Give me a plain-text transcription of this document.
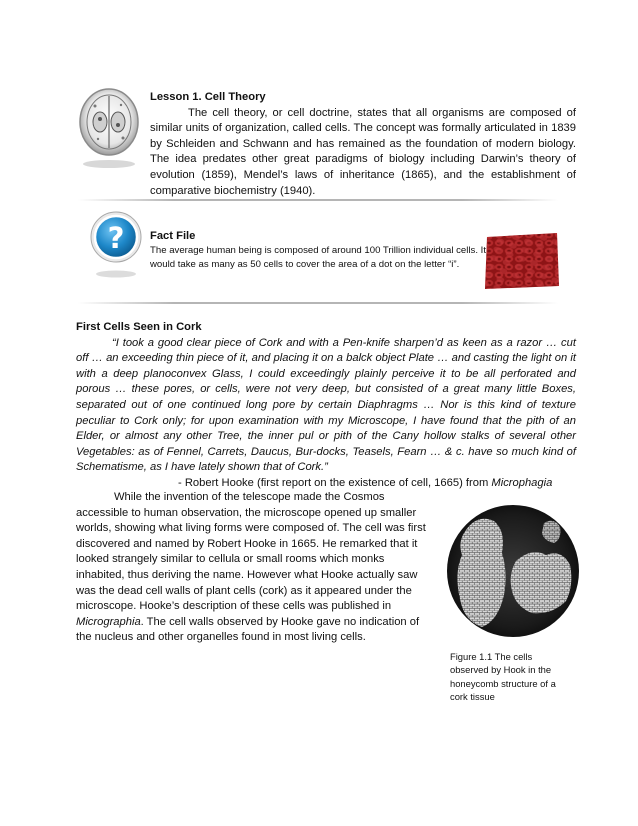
Lesson 1. Cell Theory
The cell theory, or cell doctrine, states that all organisms are composed of similar units of organization, called cells. The concept was formally articulated in 1839 by Schleiden and Schwann and has remained as the foundation of modern biology. The idea predates other great paradigms of biology including Darwin’s theory of evolution (1859), Mendel’s laws of inheritance (1865), and the establishment of comparative biochemistry (1940).
? Fact File
The average human being is composed of around 100 Trillion individual cells. It would take as many as 50 cells to cover the area of a dot on the letter “i”.
First Cells Seen in Cork
“I took a good clear piece of Cork and with a Pen-knife sharpen’d as keen as a razor … cut off … an exceeding thin piece of it, and placing it on a balck object Plate … and casting the light on it with a deep planoconvex Glass, I could exceedingly plainly perceive it to be all perforated and porous … these pores, or cells, were not very deep, but consisted of a great many little Boxes, separated out of one continued long pore by certain Diaphragms … Nor is this kind of texture peculiar to Cork only; for upon examination with my Microscope, I have found that the pith of an Elder, or almost any other Tree, the inner pul or pith of the Cany hollow stalks of several other Vegetables: as of Fennel, Carrets, Daucus, Bur-docks, Teasels, Fearn … & c. have so much kind of Schematisme, as I have lately shown that of Cork.”
- Robert Hooke (first report on the existence of cell, 1665) from Microphagia

While the invention of the telescope made the Cosmos accessible to human observation, the microscope opened up smaller worlds, showing what living forms were composed of. The cell was first discovered and named by Robert Hooke in 1665. He remarked that it looked strangely similar to cellula or small rooms which monks inhabited, thus deriving the name. However what Hooke actually saw was the dead cell walls of plant cells (cork) as it appeared under the microscope. Hooke’s description of these cells was published in Micrographia. The cell walls observed by Hooke gave no indication of the nucleus and other organelles found in most living cells.

Figure 1.1 The cells observed by Hook in the honeycomb structure of a cork tissue
